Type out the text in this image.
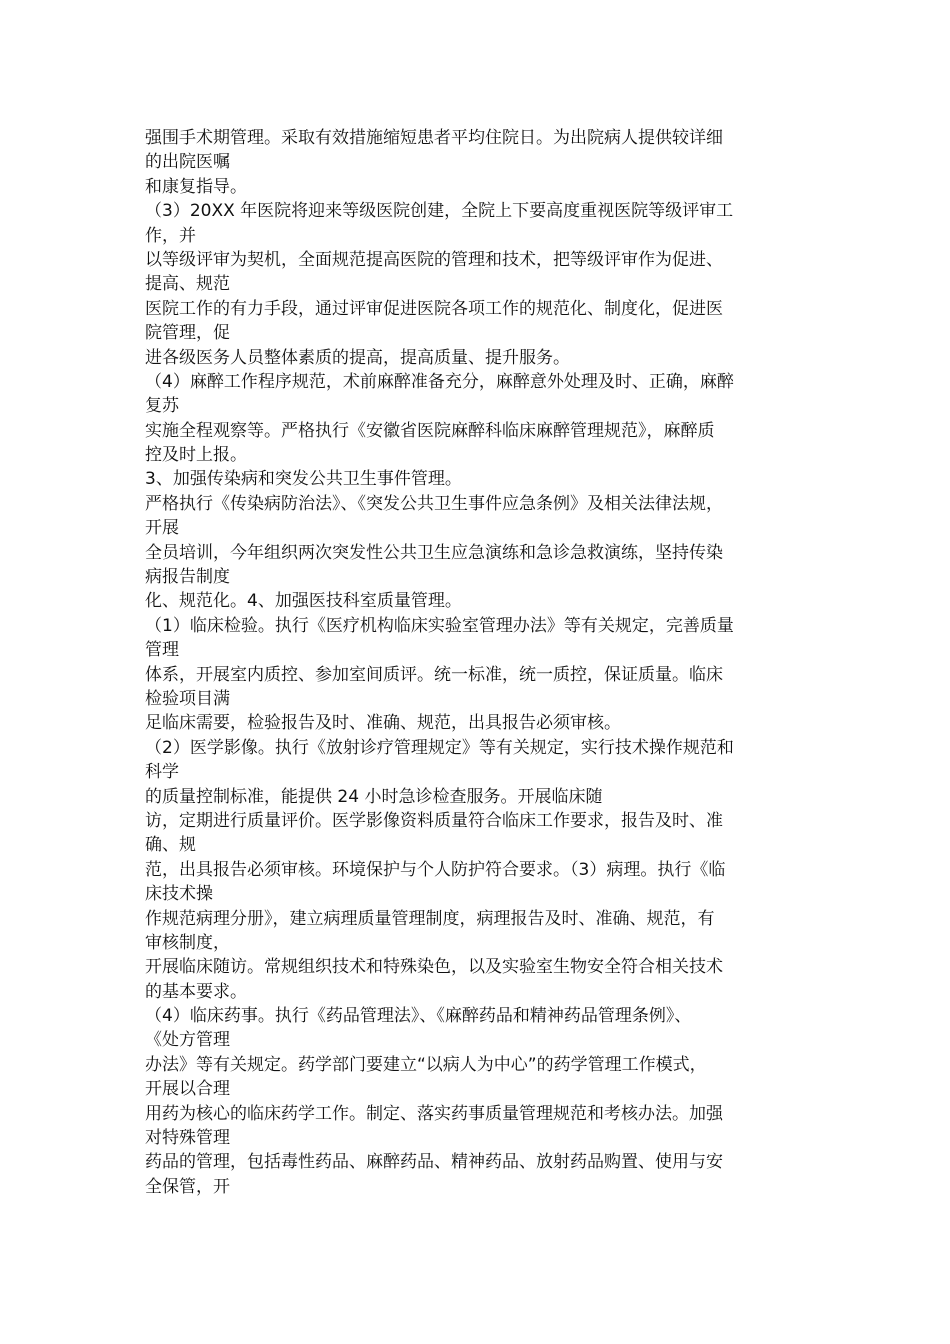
强围手术期管理。采取有效措施缩短患者平均住院日。为出院病人提供较详细
的出院医嘱
和康复指导。
（3）20XX 年医院将迎来等级医院创建，全院上下要高度重视医院等级评审工
作，并
以等级评审为契机，全面规范提高医院的管理和技术，把等级评审作为促进、
提高、规范
医院工作的有力手段，通过评审促进医院各项工作的规范化、制度化，促进医
院管理，促
进各级医务人员整体素质的提高，提高质量、提升服务。
（4）麻醉工作程序规范，术前麻醉准备充分，麻醉意外处理及时、正确，麻醉
复苏
实施全程观察等。严格执行《安徽省医院麻醉科临床麻醉管理规范》，麻醉质
控及时上报。
3、加强传染病和突发公共卫生事件管理。
严格执行《传染病防治法》、《突发公共卫生事件应急条例》及相关法律法规，
开展
全员培训，今年组织两次突发性公共卫生应急演练和急诊急救演练，坚持传染
病报告制度
化、规范化。4、加强医技科室质量管理。
（1）临床检验。执行《医疗机构临床实验室管理办法》等有关规定，完善质量
管理
体系，开展室内质控、参加室间质评。统一标准，统一质控，保证质量。临床
检验项目满
足临床需要，检验报告及时、准确、规范，出具报告必须审核。
（2）医学影像。执行《放射诊疗管理规定》等有关规定，实行技术操作规范和
科学
的质量控制标准，能提供 24 小时急诊检查服务。开展临床随
访，定期进行质量评价。医学影像资料质量符合临床工作要求，报告及时、准
确、规
范，出具报告必须审核。环境保护与个人防护符合要求。（3）病理。执行《临
床技术操
作规范病理分册》，建立病理质量管理制度，病理报告及时、准确、规范，有
审核制度，
开展临床随访。常规组织技术和特殊染色，以及实验室生物安全符合相关技术
的基本要求。
（4）临床药事。执行《药品管理法》、《麻醉药品和精神药品管理条例》、
《处方管理
办法》等有关规定。药学部门要建立“以病人为中心”的药学管理工作模式，
开展以合理
用药为核心的临床药学工作。制定、落实药事质量管理规范和考核办法。加强
对特殊管理
药品的管理，包括毒性药品、麻醉药品、精神药品、放射药品购置、使用与安
全保管，开
